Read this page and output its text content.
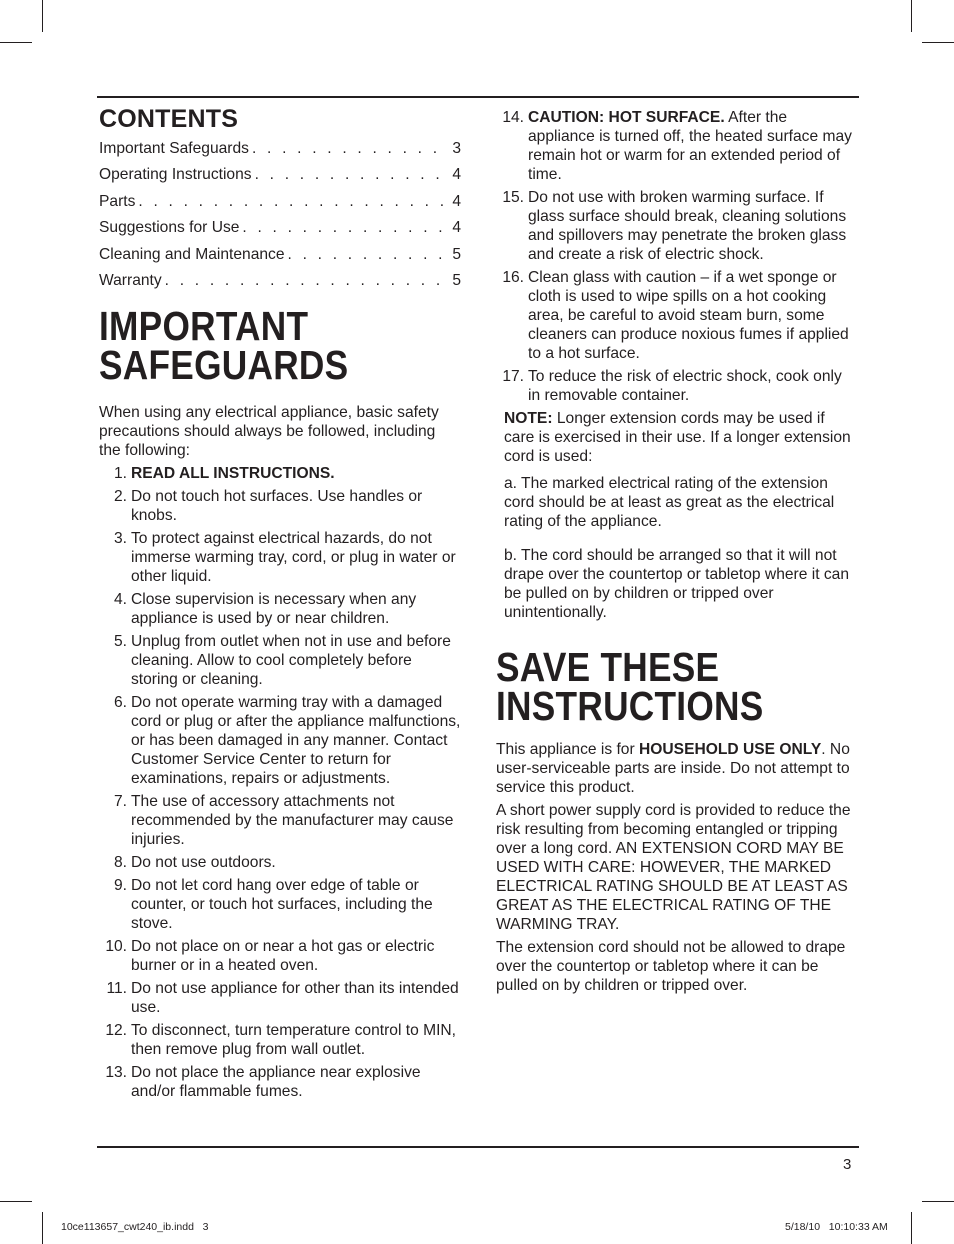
CONTENTS
Important Safeguards . . .	3
Operating Instructions . . .	4
Parts . . .	4
Suggestions for Use . . .	4
Cleaning and Maintenance . . .	5
Warranty . . .	5
IMPORTANT
SAFEGUARDS

When using any electrical appliance, basic safety precautions should always be followed, including the following:

1. READ ALL INSTRUCTIONS.
2. Do not touch hot surfaces. Use handles or knobs.
3. To protect against electrical hazards, do not immerse warming tray, cord, or plug in water or other liquid.
4. Close supervision is necessary when any appliance is used by or near children.
5. Unplug from outlet when not in use and before cleaning. Allow to cool completely before storing or cleaning.
6. Do not operate warming tray with a damaged cord or plug or after the appliance malfunctions, or has been damaged in any manner. Contact Customer Service Center to return for examinations, repairs or adjustments.
7. The use of accessory attachments not recommended by the manufacturer may cause injuries.
8. Do not use outdoors.
9. Do not let cord hang over edge of table or counter, or touch hot surfaces, including the stove.
10. Do not place on or near a hot gas or electric burner or in a heated oven.
11. Do not use appliance for other than its intended use.
12. To disconnect, turn temperature control to MIN, then remove plug from wall outlet.
13. Do not place the appliance near explosive and/or flammable fumes.
14. CAUTION: HOT SURFACE. After the appliance is turned off, the heated surface may remain hot or warm for an extended period of time.
15. Do not use with broken warming surface. If glass surface should break, cleaning solutions and spillovers may penetrate the broken glass and create a risk of electric shock.
16. Clean glass with caution – if a wet sponge or cloth is used to wipe spills on a hot cooking area, be careful to avoid steam burn, some cleaners can produce noxious fumes if applied to a hot surface.
17. To reduce the risk of electric shock, cook only in removable container.

NOTE: Longer extension cords may be used if care is exercised in their use. If a longer extension cord is used:

a. The marked electrical rating of the extension cord should be at least as great as the electrical rating of the appliance.

b. The cord should be arranged so that it will not drape over the countertop or tabletop where it can be pulled on by children or tripped over unintentionally.

SAVE THESE
INSTRUCTIONS

This appliance is for HOUSEHOLD USE ONLY. No user-serviceable parts are inside. Do not attempt to service this product.

A short power supply cord is provided to reduce the risk resulting from becoming entangled or tripping over a long cord. AN EXTENSION CORD MAY BE USED WITH CARE: HOWEVER, THE MARKED ELECTRICAL RATING SHOULD BE AT LEAST AS GREAT AS THE ELECTRICAL RATING OF THE WARMING TRAY.

The extension cord should not be allowed to drape over the countertop or tabletop where it can be pulled on by children or tripped over.

3
10ce113657_cwt240_ib.indd   3	5/18/10   10:10:33 AM
